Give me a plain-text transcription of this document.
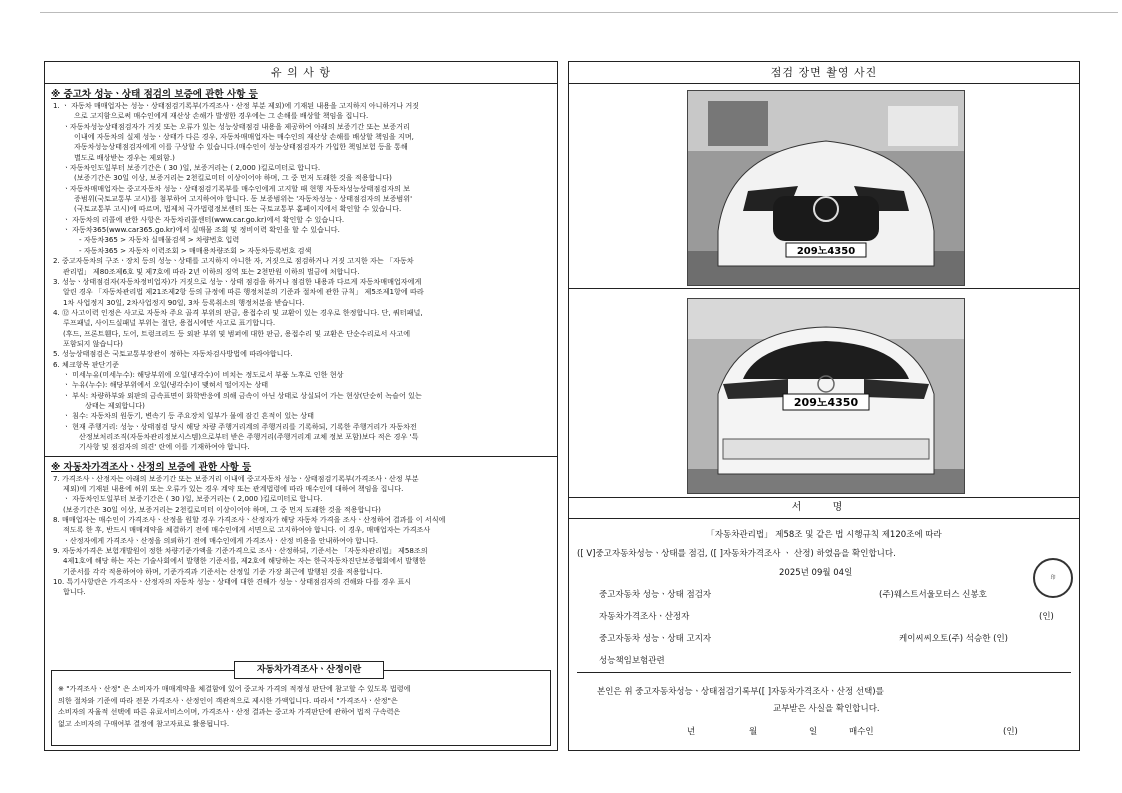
유 의 사 항
※ 중고차 성능ㆍ상태 점검의 보증에 관한 사항 등
1. ㆍ 자동차 매매업자는 성능ㆍ상태점검기록부(가격조사ㆍ산정 부분 제외)에 기재된 내용을 고지하지 아니하거나 거짓
으로 고지함으로써 매수인에게 재산상 손해가 발생한 경우에는 그 손해를 배상할 책임을 집니다.
ㆍ자동차성능상태점검자가 거짓 또는 오류가 있는 성능상태점검 내용을 제공하여 아래의 보증기간 또는 보증거리
이내에 자동차의 실제 성능ㆍ상태가 다른 경우, 자동차매매업자는 매수인의 재산상 손해를 배상할 책임을 지며,
자동차성능상태점검자에게 이를 구상할 수 있습니다.(매수인이 성능상태점검자가 가입한 책임보험 등을 통해
별도로 배상받는 경우는 제외함.)
ㆍ자동차인도일부터 보증기간은 ( 30 )일, 보증거리는 ( 2,000 )킬로미터로 합니다.
(보증기간은 30일 이상, 보증거리는 2천킬로미터 이상이어야 하며, 그 중 먼저 도래한 것을 적용합니다)
ㆍ자동차매매업자는 중고자동차 성능ㆍ상태점검기록부를 매수인에게 고지할 때 현행 자동차성능상태점검자의 보
증범위(국토교통부 고시)를 첨부하여 고지하여야 합니다. 동 보증범위는 '자동차성능ㆍ상태점검자의 보증범위'
(국토교통부 고시)에 따르며, 법제처 국가법령정보센터 또는 국토교통부 홈페이지에서 확인할 수 있습니다.
ㆍ 자동차의 리콜에 관한 사항은 자동차리콜센터(www.car.go.kr)에서 확인할 수 있습니다.
ㆍ 자동차365(www.car365.go.kr)에서 실매물 조회 및 정비이력 확인을 할 수 있습니다.
- 자동차365 > 자동차 실매물검색 > 차량번호 입력
- 자동차365 > 자동차 이력조회 > 매매용차량조회 > 자동차등록번호 검색
2. 중고자동차의 구조ㆍ장치 등의 성능ㆍ상태를 고지하지 아니한 자, 거짓으로 점검하거나 거짓 고지한 자는 「자동차
관리법」 제80조제6호 및 제7호에 따라 2년 이하의 징역 또는 2천만원 이하의 벌금에 처합니다.
3. 성능ㆍ상태점검자(자동차정비업자)가 거짓으로 성능ㆍ상태 점검을 하거나 점검한 내용과 다르게 자동차매매업자에게
알린 경우 「자동차관리법 제21조제2항 등의 규정에 따른 행정처분의 기준과 절차에 관한 규칙」 제5조제1항에 따라
1차 사업정지 30일, 2차사업정지 90일, 3차 등록취소의 행정처분을 받습니다.
4. ⑫ 사고이력 인정은 사고로 자동차 주요 골격 부위의 판금, 용접수리 및 교환이 있는 경우로 한정합니다. 단, 쿼터패널,
루프패널, 사이드실패널 부위는 절단, 용접시에만 사고로 표기합니다.
(후드, 프론트휀다, 도어, 트렁크리드 등 외판 부위 및 범퍼에 대한 판금, 용접수리 및 교환은 단순수리로서 사고에
포함되지 않습니다)
5. 성능상태점검은 국토교통부장관이 정하는 자동차검사방법에 따라야합니다.
6. 체크항목 판단기준
ㆍ 미세누유(미세누수): 해당부위에 오일(냉각수)이 비치는 정도로서 부품 노후로 인한 현상
ㆍ 누유(누수): 해당부위에서 오일(냉각수)이 맺혀서 떨어지는 상태
ㆍ 부식: 차량하부와 외판의 금속표면이 화학반응에 의해 금속이 아닌 상태로 상실되어 가는 현상(단순히 녹슬어 있는
상태는 제외합니다)
ㆍ 침수: 자동차의 원동기, 변속기 등 주요장치 일부가 물에 잠긴 흔적이 있는 상태
ㆍ 현재 주행거리: 성능ㆍ상태점검 당시 해당 차량 주행거리계의 주행거리를 기록하되, 기록한 주행거리가 자동차전
산정보처리조직(자동차관리정보시스템)으로부터 받은 주행거리(주행거리계 교체 정보 포함)보다 적은 경우 '특
기사항 및 점검자의 의견' 란에 이를 기재하여야 합니다.
※ 자동차가격조사ㆍ산정의 보증에 관한 사항 등
7. 가격조사ㆍ산정자는 아래의 보증기간 또는 보증거리 이내에 중고자동차 성능ㆍ상태점검기록부(가격조사ㆍ산정 부분
제외)에 기재된 내용에 허위 또는 오류가 있는 경우 계약 또는 관계법령에 따라 매수인에 대하여 책임을 집니다.
ㆍ 자동차인도일부터 보증기간은 ( 30 )일, 보증거리는 ( 2,000 )킬로미터로 합니다.
(보증기간은 30일 이상, 보증거리는 2천킬로미터 이상이어야 하며, 그 중 먼저 도래한 것을 적용합니다)
8. 매매업자는 매수인이 가격조사ㆍ산정을 원할 경우 가격조사ㆍ산정자가 해당 자동차 가격을 조사ㆍ산정하여 결과를 이 서식에
적도록 한 후, 반드시 매매계약을 체결하기 전에 매수인에게 서면으로 고지하여야 합니다. 이 경우, 매매업자는 가격조사
ㆍ산정자에게 가격조사ㆍ산정을 의뢰하기 전에 매수인에게 가격조사ㆍ산정 비용을 안내하여야 합니다.
9. 자동차가격은 보험개발원이 정한 차량기준가액을 기준가격으로 조사ㆍ산정하되, 기준서는 「자동차관리법」 제58조의
4제1호에 해당 하는 자는 기술사회에서 발행한 기준서를, 제2호에 해당하는 자는 한국자동차진단보증협회에서 발행한
기준서를 각각 적용하여야 하며, 기준가격과 기준서는 산정일 기준 가장 최근에 발행된 것을 적용합니다.
10. 특기사항란은 가격조사ㆍ산정자의 자동차 성능ㆍ상태에 대한 견해가 성능ㆍ상태점검자의 견해와 다를 경우 표시
합니다.
자동차가격조사ㆍ산정이란
※ "가격조사ㆍ산정" 은 소비자가 매매계약을 체결함에 있어 중고차 가격의 적정성 판단에 참고할 수 있도록 법령에
의한 절차와 기준에 따라 전문 가격조사ㆍ산정인이 객관적으로 제시한 가액입니다. 따라서 "가격조사ㆍ산정"은
소비자의 자율적 선택에 따른 유료서비스이며, 가격조사ㆍ산정 결과는 중고차 가격판단에 관하여 법적 구속력은
없고 소비자의 구매여부 결정에 참고자료로 활용됩니다.
점검 장면 촬영 사진
209노4350
209노4350
서 명
「자동차관리법」 제58조 및 같은 법 시행규칙 제120조에 따라
([ V]중고자동차성능ㆍ상태를 점검, ([ ]자동차가격조사 ㆍ 산정) 하였음을 확인합니다.
2025년 09월 04일
중고자동차 성능ㆍ상태 점검자	(주)웨스트서울모터스 신봉호
印
자동차가격조사ㆍ산정자	(인)
중고자동차 성능ㆍ상태 고지자	케이씨씨오토(주) 석승한 (인)
성능책임보험관련
본인은 위 중고자동차성능ㆍ상태점검기록부([ ]자동차가격조사ㆍ산정 선택)를
교부받은 사실을 확인합니다.
년	월	일	매수인	(인)
